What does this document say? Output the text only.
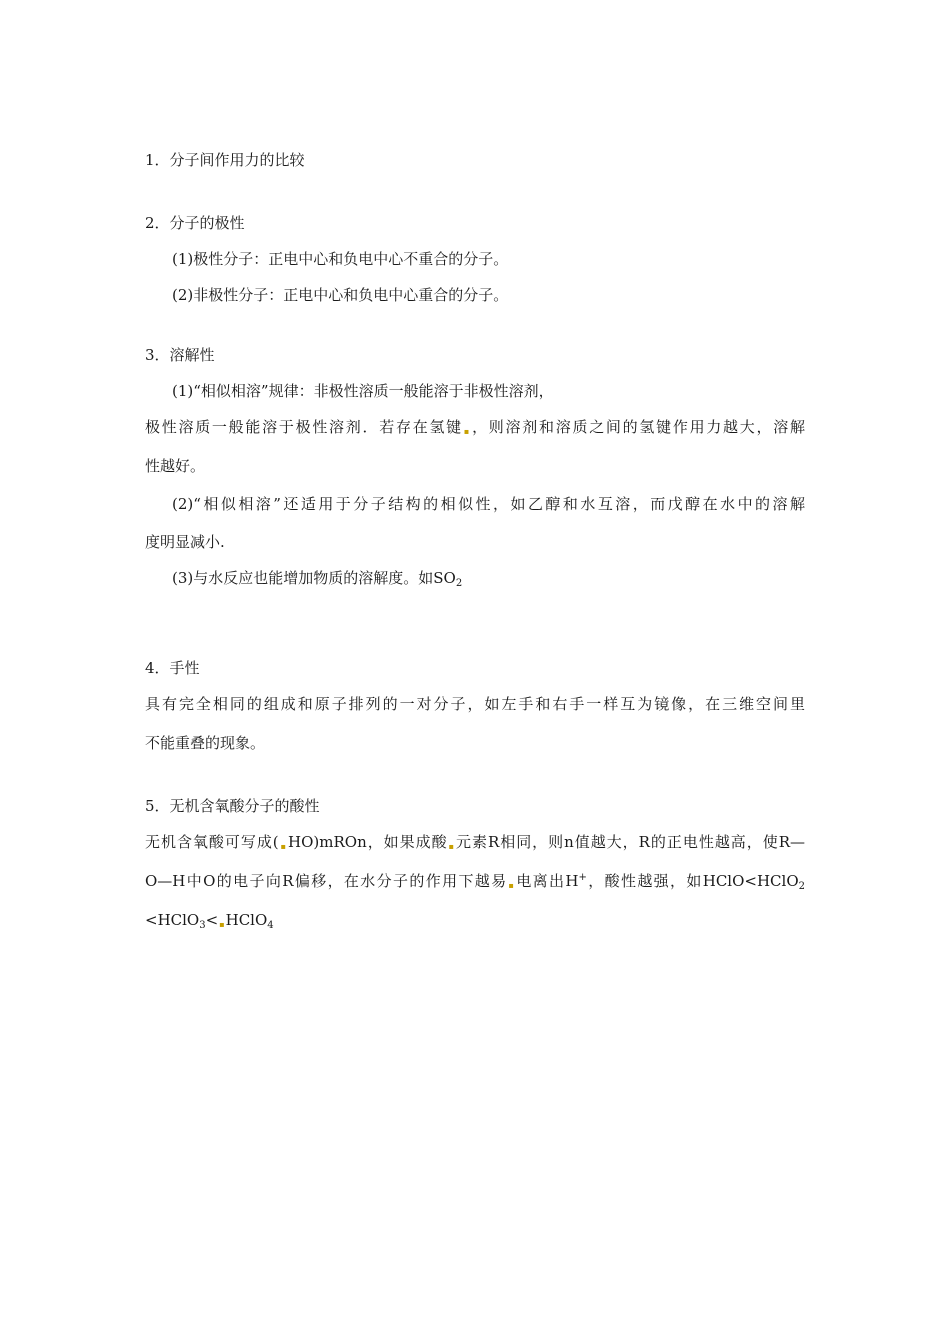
1．分子间作用力的比较
2．分子的极性
(1)极性分子：正电中心和负电中心不重合的分子。
(2)非极性分子：正电中心和负电中心重合的分子。
3．溶解性
(1)“相似相溶”规律：非极性溶质一般能溶于非极性溶剂，
极性溶质一般能溶于极性溶剂．若存在氢键▪，则溶剂和溶质之间的氢键作用力越大，溶解
性越好。
(2)“相似相溶”还适用于分子结构的相似性，如乙醇和水互溶，而戊醇在水中的溶解
度明显减小.
(3)与水反应也能增加物质的溶解度。如$SO_2$
4．手性
具有完全相同的组成和原子排列的一对分子，如左手和右手一样互为镜像，在三维空间里
不能重叠的现象。
5．无机含氧酸分子的酸性
无机含氧酸可写成(▪HO)mROn，如果成酸▪元素R相同，则n值越大，R的正电性越高，使R—
O—H中O的电子向R偏移，在水分子的作用下越易▪电离出H+，酸性越强，如HClO<HClO$_2$
<HClO$_3$<▪HClO$_4$
